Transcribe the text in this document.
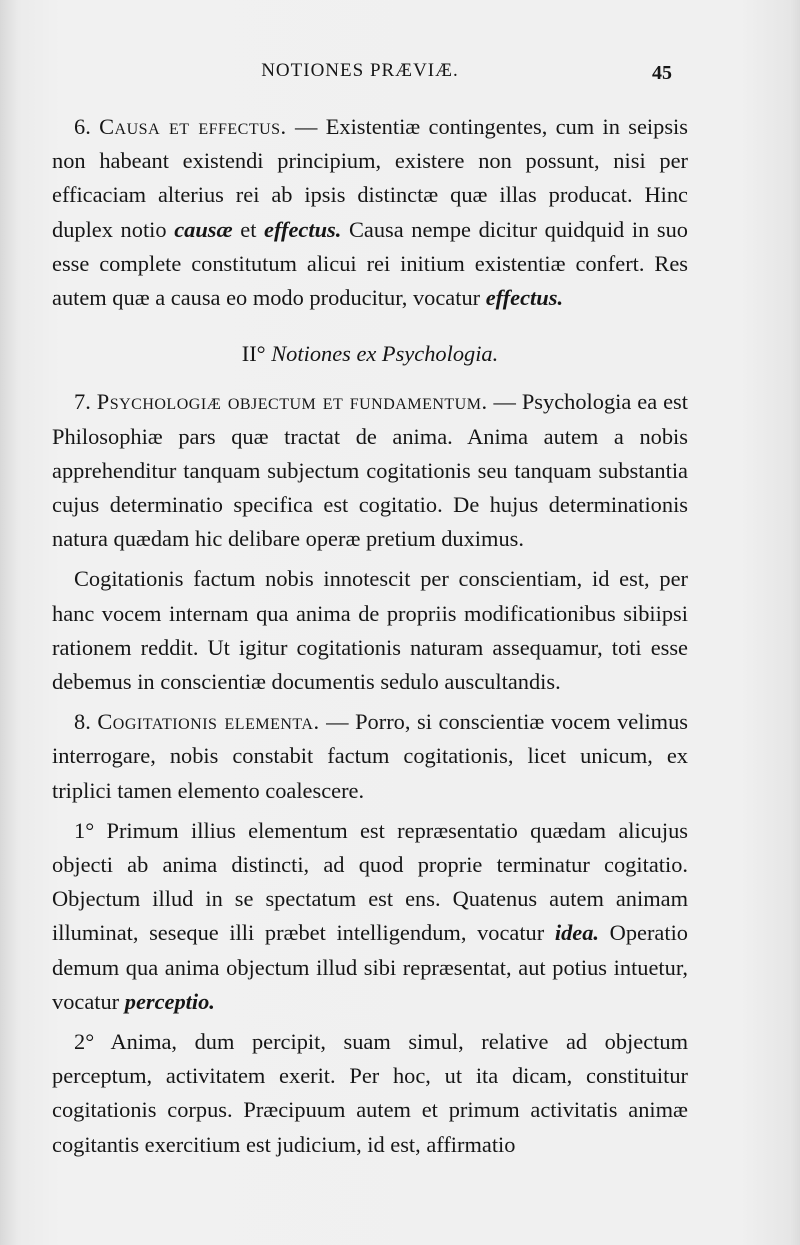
NOTIONES PRÆVIÆ.	45

6. Causa et effectus. — Existentiæ contingentes, cum in seipsis non habeant existendi principium, existere non possunt, nisi per efficaciam alterius rei ab ipsis distinctæ quæ illas producat. Hinc duplex notio causæ et effectus. Causa nempe dicitur quidquid in suo esse complete constitutum alicui rei initium existentiæ confert. Res autem quæ a causa eo modo producitur, vocatur effectus.

II° Notiones ex Psychologia.

7. Psychologiæ objectum et fundamentum. — Psychologia ea est Philosophiæ pars quæ tractat de anima. Anima autem a nobis apprehenditur tanquam subjectum cogitationis seu tanquam substantia cujus determinatio specifica est cogitatio. De hujus determinationis natura quædam hic delibare operæ pretium duximus.

Cogitationis factum nobis innotescit per conscientiam, id est, per hanc vocem internam qua anima de propriis modificationibus sibiipsi rationem reddit. Ut igitur cogitationis naturam assequamur, toti esse debemus in conscientiæ documentis sedulo auscultandis.

8. Cogitationis elementa. — Porro, si conscientiæ vocem velimus interrogare, nobis constabit factum cogitationis, licet unicum, ex triplici tamen elemento coalescere.

1° Primum illius elementum est repræsentatio quædam alicujus objecti ab anima distincti, ad quod proprie terminatur cogitatio. Objectum illud in se spectatum est ens. Quatenus autem animam illuminat, seseque illi præbet intelligendum, vocatur idea. Operatio demum qua anima objectum illud sibi repræsentat, aut potius intuetur, vocatur perceptio.

2° Anima, dum percipit, suam simul, relative ad objectum perceptum, activitatem exerit. Per hoc, ut ita dicam, constituitur cogitationis corpus. Præcipuum autem et primum activitatis animæ cogitantis exercitium est judicium, id est, affirmatio
